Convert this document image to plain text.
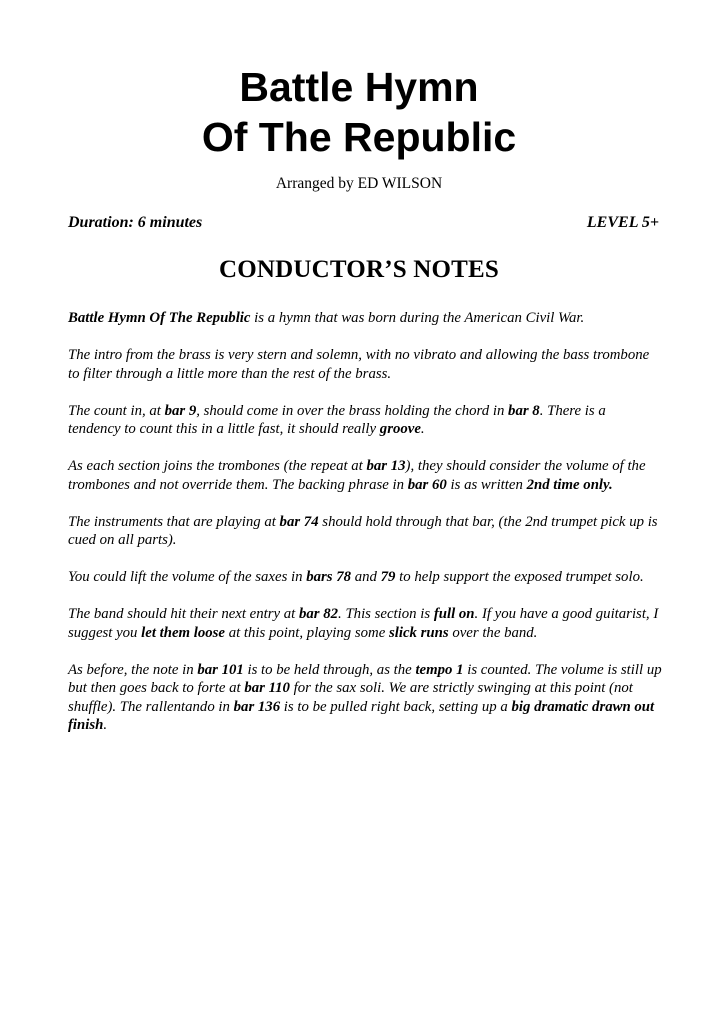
Battle Hymn
Of The Republic

Arranged by ED WILSON

Duration: 6 minutes	LEVEL 5+
CONDUCTOR’S NOTES

Battle Hymn Of The Republic is a hymn that was born during the American Civil War.

The intro from the brass is very stern and solemn, with no vibrato and allowing the bass trombone to filter through a little more than the rest of the brass.

The count in, at bar 9, should come in over the brass holding the chord in bar 8. There is a tendency to count this in a little fast, it should really groove.

As each section joins the trombones (the repeat at bar 13), they should consider the volume of the trombones and not override them. The backing phrase in bar 60 is as written 2nd time only.

The instruments that are playing at bar 74 should hold through that bar, (the 2nd trumpet pick up is cued on all parts).

You could lift the volume of the saxes in bars 78 and 79 to help support the exposed trumpet solo.

The band should hit their next entry at bar 82. This section is full on. If you have a good guitarist, I suggest you let them loose at this point, playing some slick runs over the band.

As before, the note in bar 101 is to be held through, as the tempo 1 is counted. The volume is still up but then goes back to forte at bar 110 for the sax soli. We are strictly swinging at this point (not shuffle). The rallentando in bar 136 is to be pulled right back, setting up a big dramatic drawn out finish.
